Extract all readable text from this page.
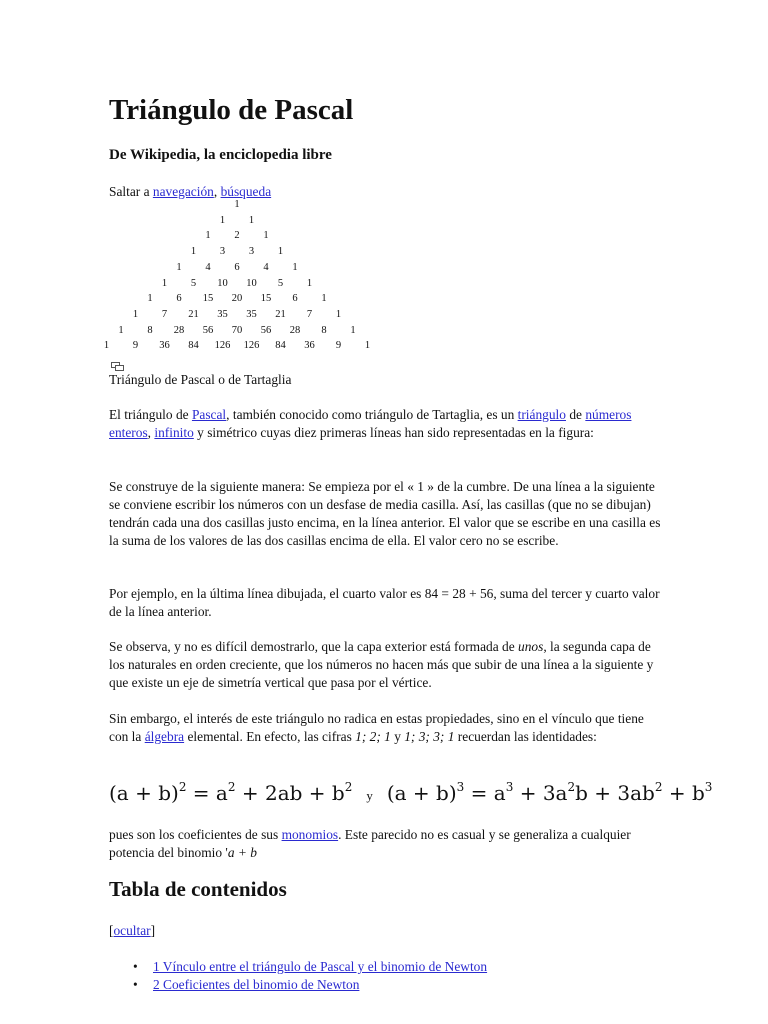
Triángulo de Pascal
De Wikipedia, la enciclopedia libre
Saltar a navegación, búsqueda
1
1 1
1 2 1
1 3 3 1
1 4 6 4 1
1 5 10 10 5 1
1 6 15 20 15 6 1
1 7 21 35 35 21 7 1
1 8 28 56 70 56 28 8 1
1 9 36 84 126 126 84 36 9 1
Triángulo de Pascal o de Tartaglia
El triángulo de Pascal, también conocido como triángulo de Tartaglia, es un triángulo de números enteros, infinito y simétrico cuyas diez primeras líneas han sido representadas en la figura:
Se construye de la siguiente manera: Se empieza por el « 1 » de la cumbre. De una línea a la siguiente se conviene escribir los números con un desfase de media casilla. Así, las casillas (que no se dibujan) tendrán cada una dos casillas justo encima, en la línea anterior. El valor que se escribe en una casilla es la suma de los valores de las dos casillas encima de ella. El valor cero no se escribe.
Por ejemplo, en la última línea dibujada, el cuarto valor es 84 = 28 + 56, suma del tercer y cuarto valor de la línea anterior.
Se observa, y no es difícil demostrarlo, que la capa exterior está formada de unos, la segunda capa de los naturales en orden creciente, que los números no hacen más que subir de una línea a la siguiente y que existe un eje de simetría vertical que pasa por el vértice.
Sin embargo, el interés de este triángulo no radica en estas propiedades, sino en el vínculo que tiene con la álgebra elemental. En efecto, las cifras 1; 2; 1 y 1; 3; 3; 1 recuerdan las identidades:
$(a + b)^2 = a^2 + 2ab + b^2y$ $(a + b)^3 = a^3 + 3a^2b + 3ab^2 + b^3$
pues son los coeficientes de sus monomios. Este parecido no es casual y se generaliza a cualquier potencia del binomio 'a + b
Tabla de contenidos
[ocultar]
• 1 Vínculo entre el triángulo de Pascal y el binomio de Newton
• 2 Coeficientes del binomio de Newton
